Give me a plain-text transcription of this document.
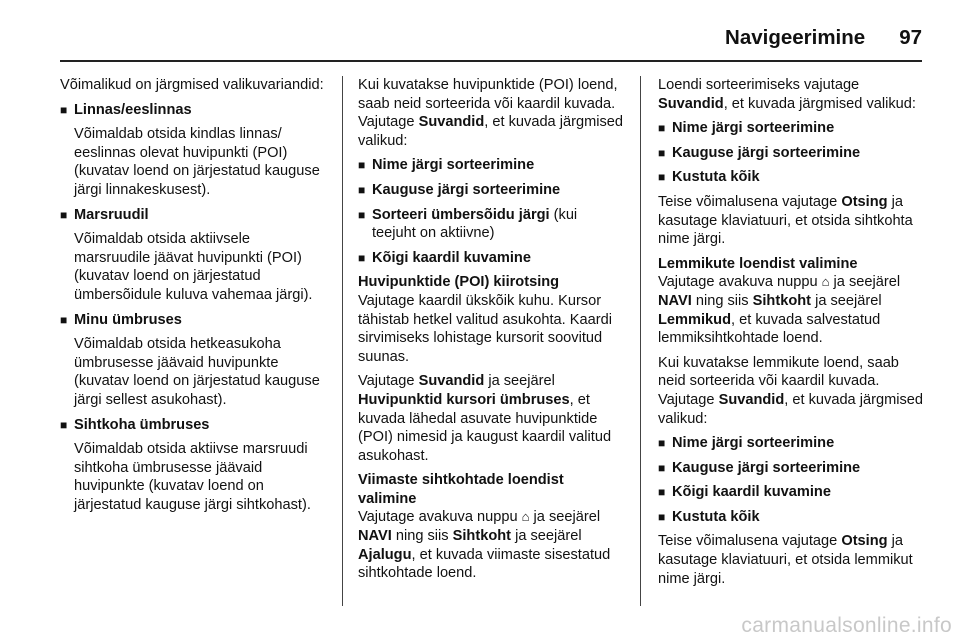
Navigeerimine 97

Võimalikud on järgmised valikuvariandid:

■ Linnas/eeslinnas

Võimaldab otsida kindlas linnas/ eeslinnas olevat huvipunkti (POI) (kuvatav loend on järjestatud kauguse järgi linnakeskusest).

■ Marsruudil

Võimaldab otsida aktiivsele marsruudile jäävat huvipunkti (POI) (kuvatav loend on järjestatud ümbersõidule kuluva vahemaa järgi).

■ Minu ümbruses

Võimaldab otsida hetkeasukoha ümbrusesse jäävaid huvipunkte (kuvatav loend on järjestatud kauguse järgi sellest asukohast).

■ Sihtkoha ümbruses

Võimaldab otsida aktiivse marsruudi sihtkoha ümbrusesse jäävaid huvipunkte (kuvatav loend on järjestatud kauguse järgi sihtkohast).

Kui kuvatakse huvipunktide (POI) loend, saab neid sorteerida või kaardil kuvada. Vajutage Suvandid, et kuvada järgmised valikud:

■ Nime järgi sorteerimine
■ Kauguse järgi sorteerimine
■ Sorteeri ümbersõidu järgi (kui teejuht on aktiivne)
■ Kõigi kaardil kuvamine

Huvipunktide (POI) kiirotsing

Vajutage kaardil ükskõik kuhu. Kursor tähistab hetkel valitud asukohta. Kaardi sirvimiseks lohistage kursorit soovitud suunas.

Vajutage Suvandid ja seejärel Huvipunktid kursori ümbruses, et kuvada lähedal asuvate huvipunktide (POI) nimesid ja kaugust kaardil valitud asukohast.

Viimaste sihtkohtade loendist valimine

Vajutage avakuva nuppu ⌂ ja seejärel NAVI ning siis Sihtkoht ja seejärel Ajalugu, et kuvada viimaste sisestatud sihtkohtade loend.

Loendi sorteerimiseks vajutage Suvandid, et kuvada järgmised valikud:

■ Nime järgi sorteerimine
■ Kauguse järgi sorteerimine
■ Kustuta kõik

Teise võimalusena vajutage Otsing ja kasutage klaviatuuri, et otsida sihtkohta nime järgi.

Lemmikute loendist valimine

Vajutage avakuva nuppu ⌂ ja seejärel NAVI ning siis Sihtkoht ja seejärel Lemmikud, et kuvada salvestatud lemmiksihtkohtade loend.

Kui kuvatakse lemmikute loend, saab neid sorteerida või kaardil kuvada. Vajutage Suvandid, et kuvada järgmised valikud:

■ Nime järgi sorteerimine
■ Kauguse järgi sorteerimine
■ Kõigi kaardil kuvamine
■ Kustuta kõik

Teise võimalusena vajutage Otsing ja kasutage klaviatuuri, et otsida lemmikut nime järgi.

carmanualsonline.info
